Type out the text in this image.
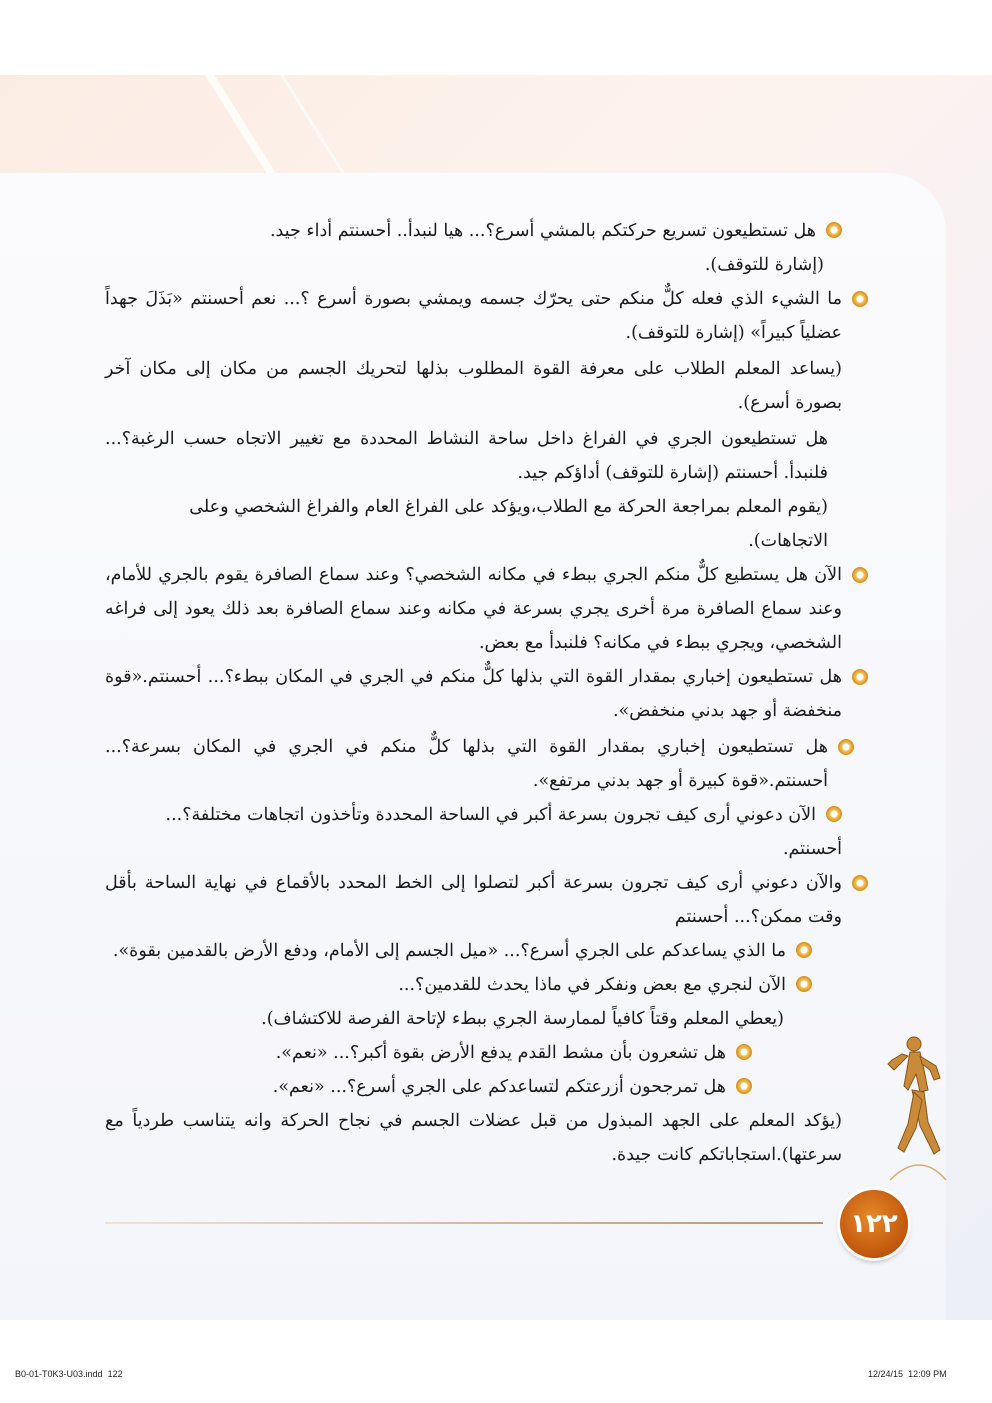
هل تستطيعون تسريع حركتكم بالمشي أسرع؟... هيا لنبدأ.. أحسنتم أداء جيد.

(إشارة للتوقف).

ما الشيء الذي فعله كلٌّ منكم حتى يحرّك جسمه ويمشي بصورة أسرع ؟... نعم أحسنتم «بَذَلَ جهداً عضلياً كبيراً» (إشارة للتوقف).

(يساعد المعلم الطلاب على معرفة القوة المطلوب بذلها لتحريك الجسم من مكان إلى مكان آخر بصورة أسرع).

هل تستطيعون الجري في الفراغ داخل ساحة النشاط المحددة مع تغيير الاتجاه حسب الرغبة؟... فلنبدأ. أحسنتم (إشارة للتوقف) أداؤكم جيد.

(يقوم المعلم بمراجعة الحركة مع الطلاب،ويؤكد على الفراغ العام والفراغ الشخصي وعلى الاتجاهات).

الآن هل يستطيع كلٌّ منكم الجري ببطء في مكانه الشخصي؟ وعند سماع الصافرة يقوم بالجري للأمام، وعند سماع الصافرة مرة أخرى يجري بسرعة في مكانه وعند سماع الصافرة بعد ذلك يعود إلى فراغه الشخصي، ويجري ببطء في مكانه؟ فلنبدأ مع بعض.

هل تستطيعون إخباري بمقدار القوة التي بذلها كلٌّ منكم في الجري في المكان ببطء؟... أحسنتم.«قوة منخفضة أو جهد بدني منخفض».

هل تستطيعون إخباري بمقدار القوة التي بذلها كلٌّ منكم في الجري في المكان بسرعة؟... أحسنتم.«قوة كبيرة أو جهد بدني مرتفع».

الآن دعوني أرى كيف تجرون بسرعة أكبر في الساحة المحددة وتأخذون اتجاهات مختلفة؟... أحسنتم.

والآن دعوني أرى كيف تجرون بسرعة أكبر لتصلوا إلى الخط المحدد بالأقماع في نهاية الساحة بأقل وقت ممكن؟... أحسنتم

ما الذي يساعدكم على الجري أسرع؟... «ميل الجسم إلى الأمام، ودفع الأرض بالقدمين بقوة».

الآن لنجري مع بعض ونفكر في ماذا يحدث للقدمين؟...

(يعطي المعلم وقتاً كافياً لممارسة الجري ببطء لإتاحة الفرصة للاكتشاف).

هل تشعرون بأن مشط القدم يدفع الأرض بقوة أكبر؟... «نعم».

هل تمرجحون أزرعتكم لتساعدكم على الجري أسرع؟... «نعم».

(يؤكد المعلم على الجهد المبذول من قبل عضلات الجسم في نجاح الحركة وانه يتناسب طردياً مع سرعتها).استجاباتكم كانت جيدة.

١٢٢
B0-01-T0K3-U03.indd 122	12/24/15 12:09 PM
